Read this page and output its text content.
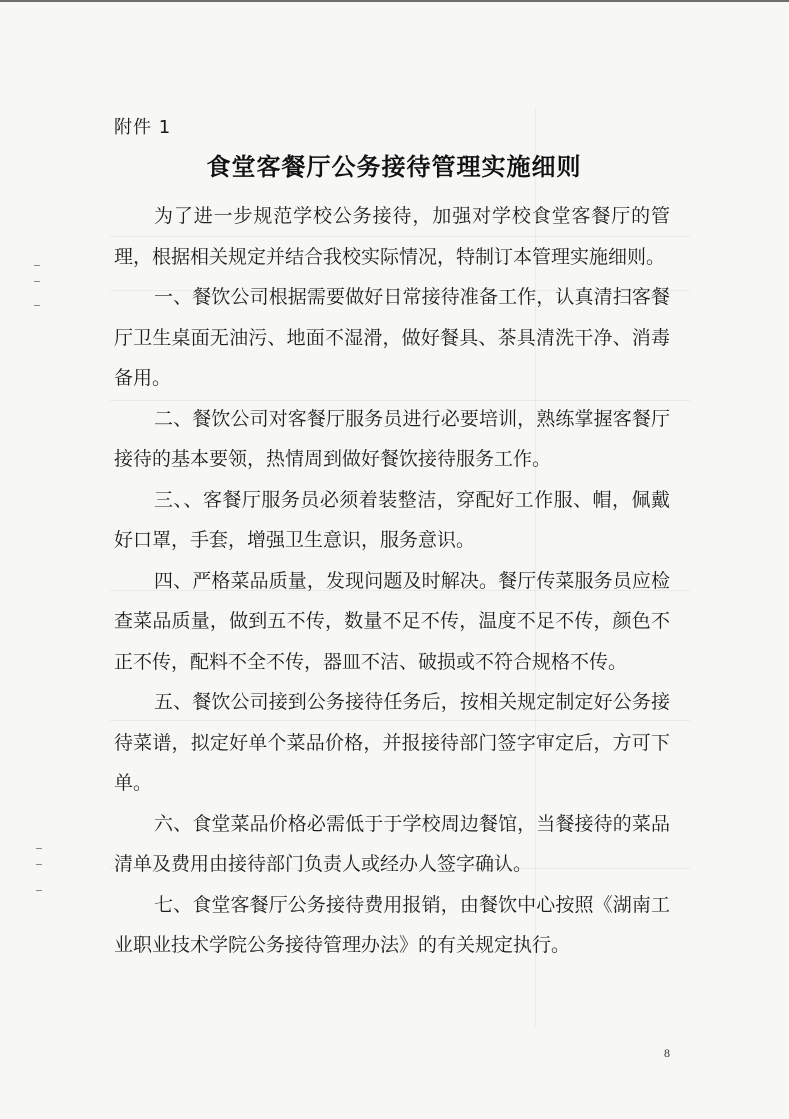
附件 1
食堂客餐厅公务接待管理实施细则

为了进一步规范学校公务接待，加强对学校食堂客餐厅的管理，根据相关规定并结合我校实际情况，特制订本管理实施细则。

一、餐饮公司根据需要做好日常接待准备工作，认真清扫客餐厅卫生桌面无油污、地面不湿滑，做好餐具、茶具清洗干净、消毒备用。

二、餐饮公司对客餐厅服务员进行必要培训，熟练掌握客餐厅接待的基本要领，热情周到做好餐饮接待服务工作。

三、、客餐厅服务员必须着装整洁，穿配好工作服、帽，佩戴好口罩，手套，增强卫生意识，服务意识。

四、严格菜品质量，发现问题及时解决。餐厅传菜服务员应检查菜品质量，做到五不传，数量不足不传，温度不足不传，颜色不正不传，配料不全不传，器皿不洁、破损或不符合规格不传。

五、餐饮公司接到公务接待任务后，按相关规定制定好公务接待菜谱，拟定好单个菜品价格，并报接待部门签字审定后，方可下单。

六、食堂菜品价格必需低于于学校周边餐馆，当餐接待的菜品清单及费用由接待部门负责人或经办人签字确认。

七、食堂客餐厅公务接待费用报销，由餐饮中心按照《湖南工业职业技术学院公务接待管理办法》的有关规定执行。

8
